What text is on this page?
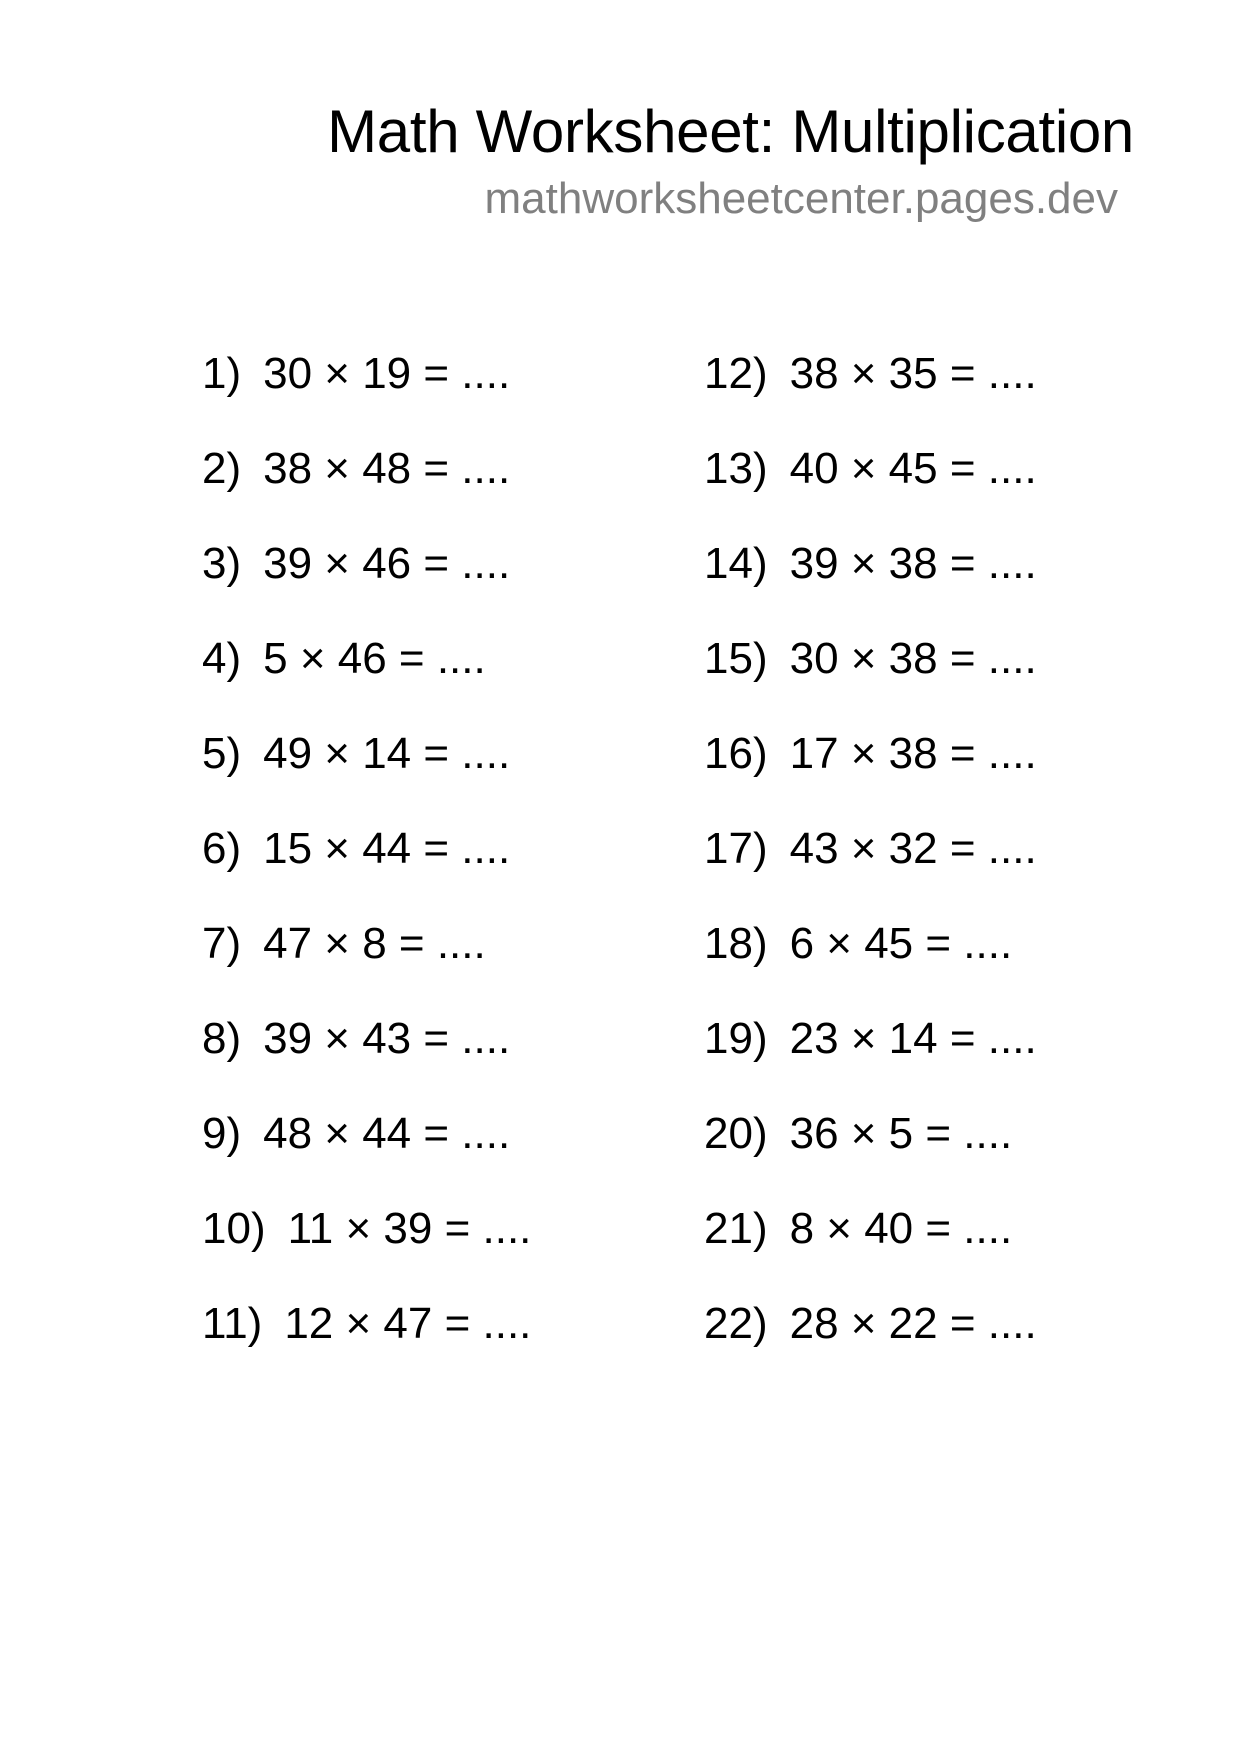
Math Worksheet: Multiplication
mathworksheetcenter.pages.dev
1) 30 × 19 = ....
2) 38 × 48 = ....
3) 39 × 46 = ....
4) 5 × 46 = ....
5) 49 × 14 = ....
6) 15 × 44 = ....
7) 47 × 8 = ....
8) 39 × 43 = ....
9) 48 × 44 = ....
10) 11 × 39 = ....
11) 12 × 47 = ....
12) 38 × 35 = ....
13) 40 × 45 = ....
14) 39 × 38 = ....
15) 30 × 38 = ....
16) 17 × 38 = ....
17) 43 × 32 = ....
18) 6 × 45 = ....
19) 23 × 14 = ....
20) 36 × 5 = ....
21) 8 × 40 = ....
22) 28 × 22 = ....
